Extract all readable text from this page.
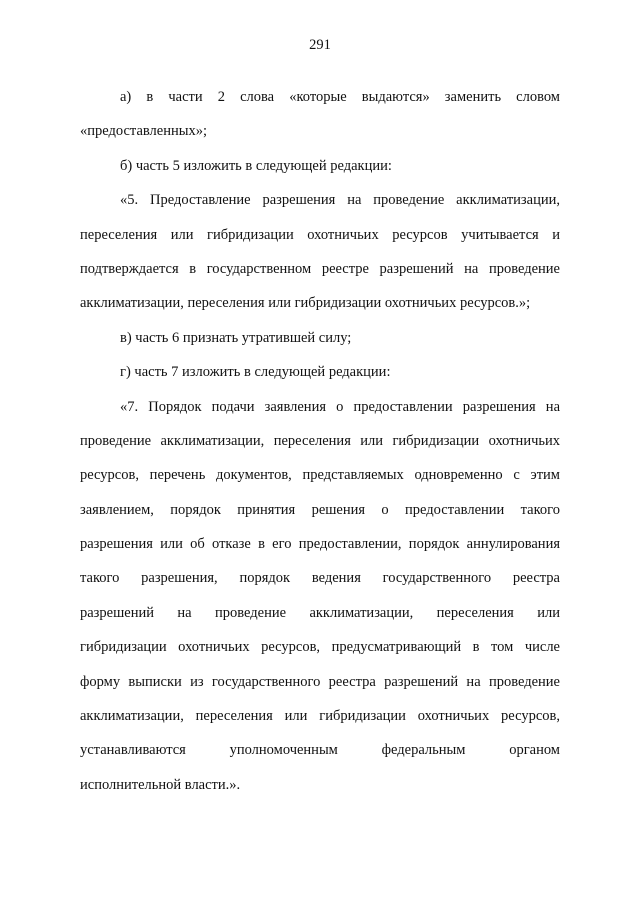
291
а) в части 2 слова «которые выдаются» заменить словом
«предоставленных»;
б) часть 5 изложить в следующей редакции:
«5. Предоставление разрешения на проведение акклиматизации,
переселения или гибридизации охотничьих ресурсов учитывается и
подтверждается в государственном реестре разрешений на проведение
акклиматизации, переселения или гибридизации охотничьих ресурсов.»;
в) часть 6 признать утратившей силу;
г) часть 7 изложить в следующей редакции:
«7. Порядок подачи заявления о предоставлении разрешения на
проведение акклиматизации, переселения или гибридизации охотничьих
ресурсов, перечень документов, представляемых одновременно с этим
заявлением, порядок принятия решения о предоставлении такого
разрешения или об отказе в его предоставлении, порядок аннулирования
такого разрешения, порядок ведения государственного реестра
разрешений на проведение акклиматизации, переселения или
гибридизации охотничьих ресурсов, предусматривающий в том числе
форму выписки из государственного реестра разрешений на проведение
акклиматизации, переселения или гибридизации охотничьих ресурсов,
устанавливаются уполномоченным федеральным органом
исполнительной власти.».
